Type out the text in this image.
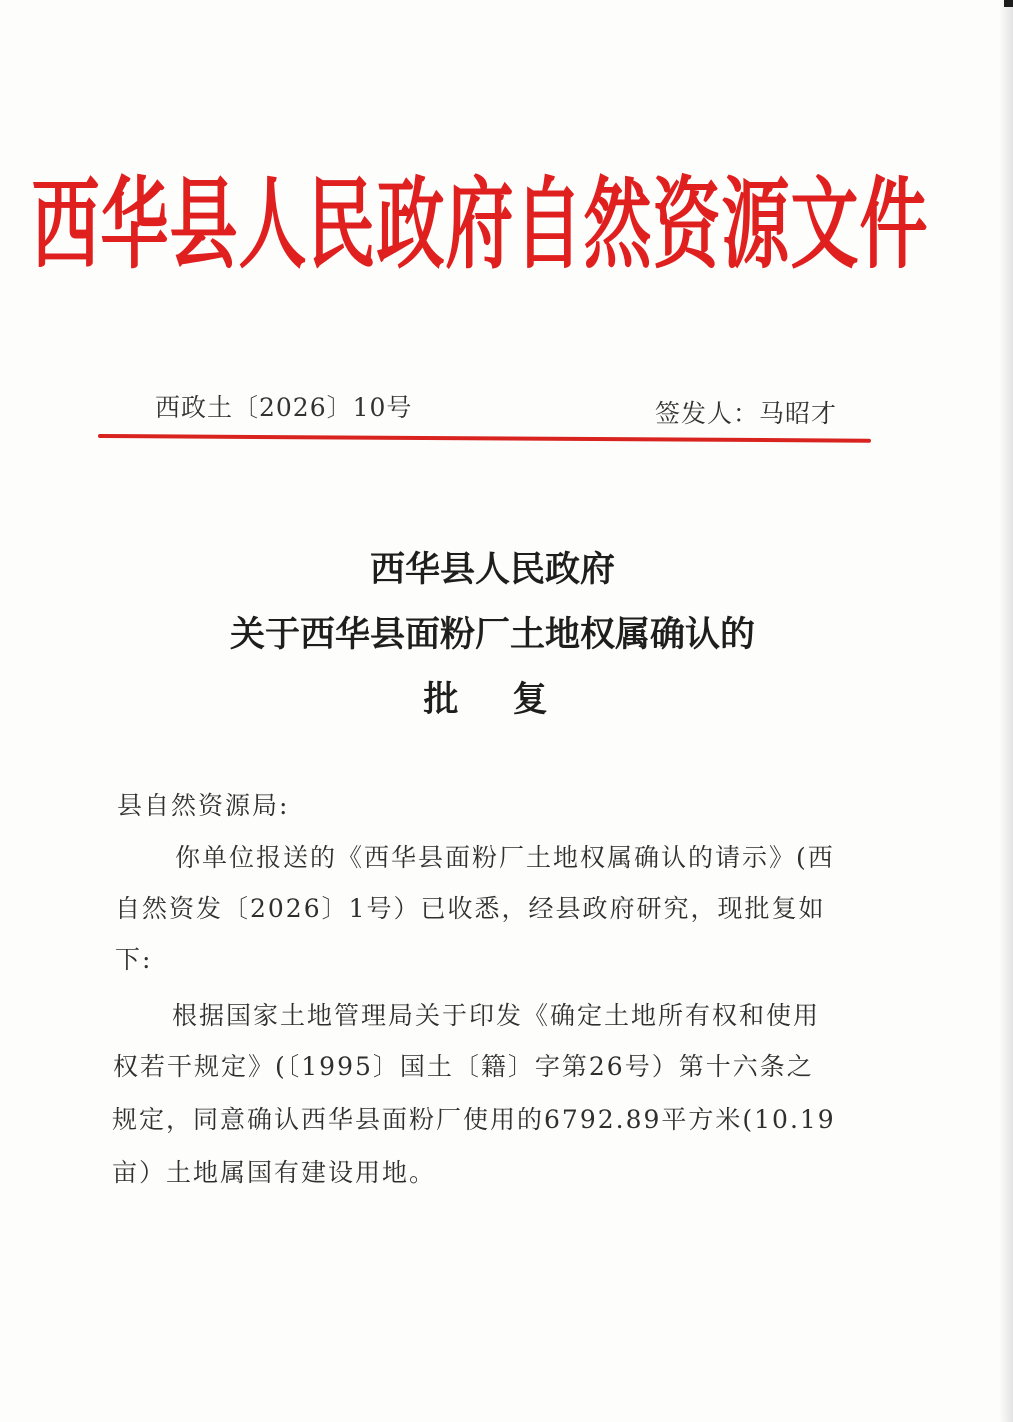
西华县人民政府自然资源文件
西政土〔2026〕10号	签发人：马昭才
西华县人民政府
关于西华县面粉厂土地权属确认的
批复
县自然资源局:
你单位报送的《西华县面粉厂土地权属确认的请示》(西
自然资发〔2026〕1号）已收悉，经县政府研究，现批复如
下:
根据国家土地管理局关于印发《确定土地所有权和使用
权若干规定》(〔1995〕国土〔籍〕字第26号）第十六条之
规定，同意确认西华县面粉厂使用的6792.89平方米(10.19
亩）土地属国有建设用地。
